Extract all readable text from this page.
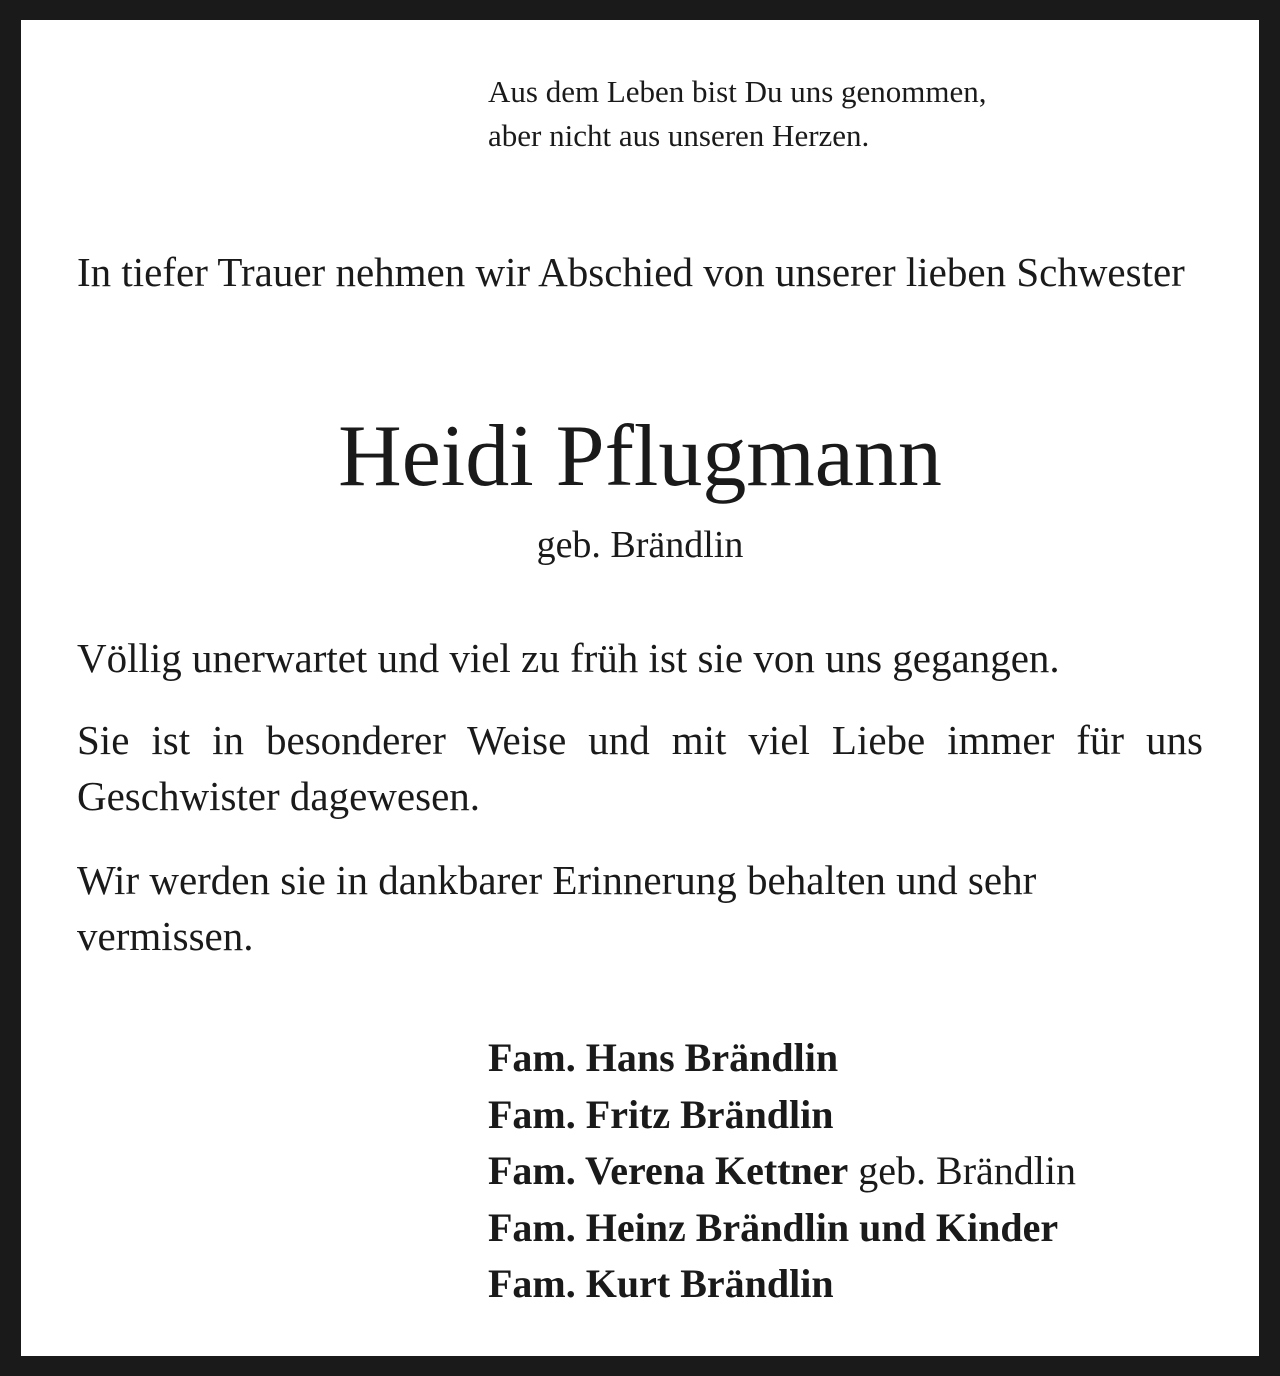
Aus dem Leben bist Du uns genommen,
aber nicht aus unseren Herzen.

In tiefer Trauer nehmen wir Abschied von unserer lieben Schwester

Heidi Pflugmann
geb. Brändlin

Völlig unerwartet und viel zu früh ist sie von uns gegangen.

Sie ist in besonderer Weise und mit viel Liebe immer für uns Geschwister dagewesen.

Wir werden sie in dankbarer Erinnerung behalten und sehr vermissen.

Fam. Hans Brändlin
Fam. Fritz Brändlin
Fam. Verena Kettner geb. Brändlin
Fam. Heinz Brändlin und Kinder
Fam. Kurt Brändlin
